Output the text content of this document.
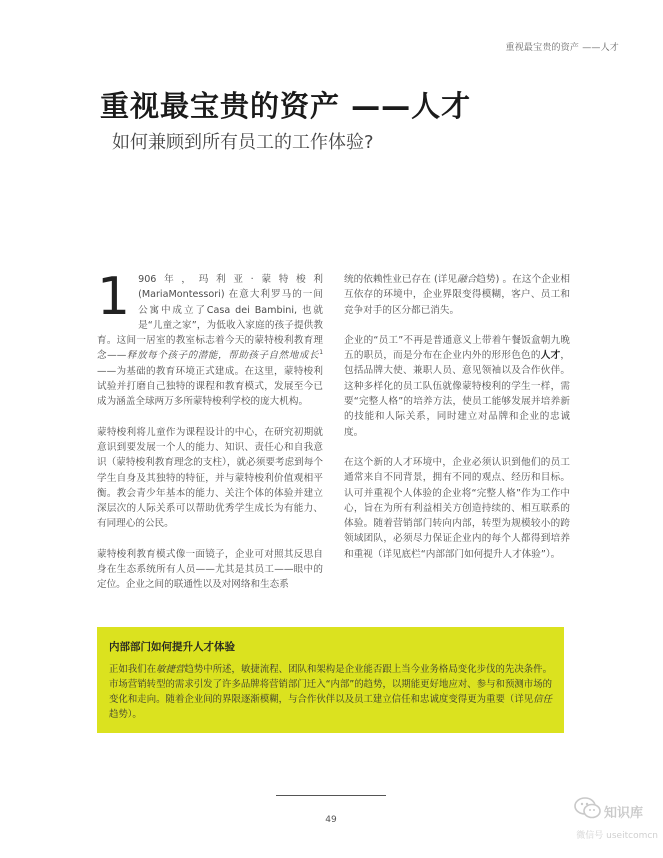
重视最宝贵的资产 ——人才
重视最宝贵的资产 ——人才
如何兼顾到所有员工的工作体验?

1 906年，玛利亚·蒙特梭利 (MariaMontessori) 在意大利罗马的一间公寓中成立了Casa dei Bambini, 也就是“儿童之家”，为低收入家庭的孩子提供教育。这间一居室的教室标志着今天的蒙特梭利教育理念——释放每个孩子的潜能，帮助孩子自然地成长$^1$——为基础的教育环境正式建成。在这里，蒙特梭利试验并打磨自己独特的课程和教育模式，发展至今已成为涵盖全球两万多所蒙特梭利学校的庞大机构。

蒙特梭利将儿童作为课程设计的中心，在研究初期就意识到要发展一个人的能力、知识、责任心和自我意识（蒙特梭利教育理念的支柱），就必须要考虑到每个学生自身及其独特的特征，并与蒙特梭利价值观相平衡。教会青少年基本的能力、关注个体的体验并建立深层次的人际关系可以帮助优秀学生成长为有能力、有同理心的公民。

蒙特梭利教育模式像一面镜子，企业可对照其反思自身在生态系统所有人员——尤其是其员工——眼中的定位。企业之间的联通性以及对网络和生态系

统的依赖性业已存在 (详见融合趋势) 。在这个企业相互依存的环境中，企业界限变得模糊，客户、员工和竞争对手的区分都已消失。

企业的“员工”不再是普通意义上带着午餐饭盒朝九晚五的职员，而是分布在企业内外的形形色色的人才，包括品牌大使、兼职人员、意见领袖以及合作伙伴。这种多样化的员工队伍就像蒙特梭利的学生一样，需要“完整人格”的培养方法，使员工能够发展并培养新的技能和人际关系，同时建立对品牌和企业的忠诚度。

在这个新的人才环境中，企业必须认识到他们的员工通常来自不同背景，拥有不同的观点、经历和目标。认可并重视个人体验的企业将“完整人格”作为工作中心，旨在为所有利益相关方创造持续的、相互联系的体验。随着营销部门转向内部，转型为规模较小的跨领域团队，必须尽力保证企业内的每个人都得到培养和重视（详见底栏“内部部门如何提升人才体验”）。

内部部门如何提升人才体验

正如我们在敏捷营趋势中所述，敏捷流程、团队和架构是企业能否跟上当今业务格局变化步伐的先决条件。市场营销转型的需求引发了许多品牌将营销部门迁入“内部”的趋势，以期能更好地应对、参与和预测市场的变化和走向。随着企业间的界限逐渐模糊，与合作伙伴以及员工建立信任和忠诚度变得更为重要（详见信任趋势）。

49	知识库
微信号 useitcomcn
